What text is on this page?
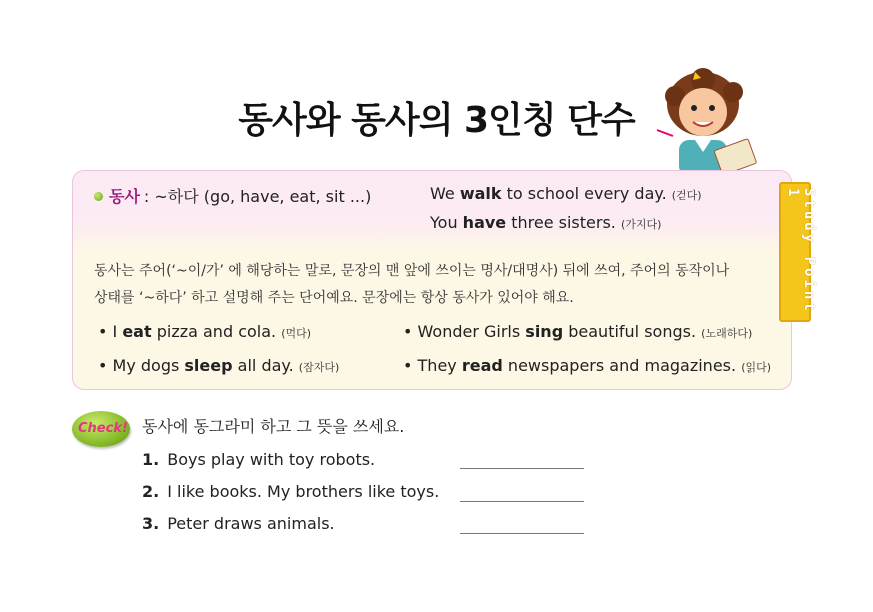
동사와 동사의 3인칭 단수
Study Point 1
동사 : ~하다 (go, have, eat, sit ...)	We walk to school every day. (걷다)
You have three sisters. (가지다)
동사는 주어(‘~이/가’ 에 해당하는 말로, 문장의 맨 앞에 쓰이는 명사/대명사) 뒤에 쓰여, 주어의 동작이나
상태를 ‘~하다’ 하고 설명해 주는 단어예요. 문장에는 항상 동사가 있어야 해요.
• I eat pizza and cola. (먹다)	• Wonder Girls sing beautiful songs. (노래하다)
• My dogs sleep all day. (잠자다)	• They read newspapers and magazines. (읽다)
Check! 동사에 동그라미 하고 그 뜻을 쓰세요.
1. Boys play with toy robots.
2. I like books. My brothers like toys.
3. Peter draws animals.
